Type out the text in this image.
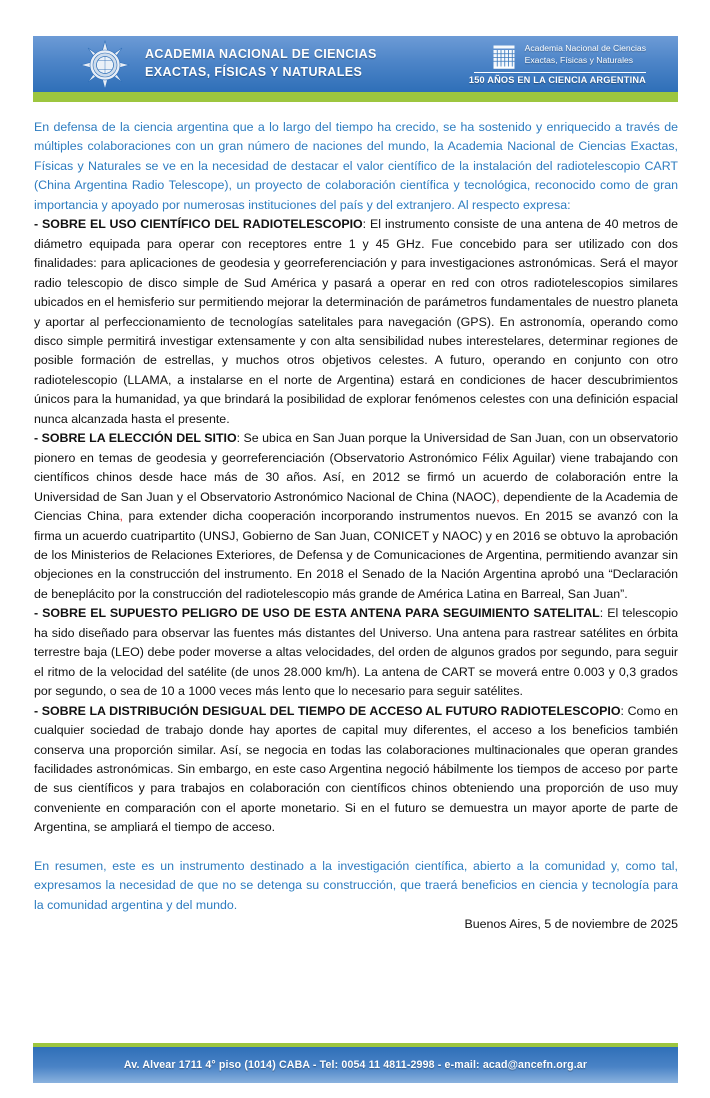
ACADEMIA NACIONAL DE CIENCIAS
EXACTAS, FÍSICAS Y NATURALES
Academia Nacional de Ciencias
Exactas, Físicas y Naturales
150 AÑOS EN LA CIENCIA ARGENTINA

En defensa de la ciencia argentina que a lo largo del tiempo ha crecido, se ha sostenido y enriquecido a través de múltiples colaboraciones con un gran número de naciones del mundo, la Academia Nacional de Ciencias Exactas, Físicas y Naturales se ve en la necesidad de destacar el valor científico de la instalación del radiotelescopio CART (China Argentina Radio Telescope), un proyecto de colaboración científica y tecnológica, reconocido como de gran importancia y apoyado por numerosas instituciones del país y del extranjero. Al respecto expresa:

- SOBRE EL USO CIENTÍFICO DEL RADIOTELESCOPIO: El instrumento consiste de una antena de 40 metros de diámetro equipada para operar con receptores entre 1 y 45 GHz. Fue concebido para ser utilizado con dos finalidades: para aplicaciones de geodesia y georreferenciación y para investigaciones astronómicas. Será el mayor radio telescopio de disco simple de Sud América y pasará a operar en red con otros radiotelescopios similares ubicados en el hemisferio sur permitiendo mejorar la determinación de parámetros fundamentales de nuestro planeta y aportar al perfeccionamiento de tecnologías satelitales para navegación (GPS). En astronomía, operando como disco simple permitirá investigar extensamente y con alta sensibilidad nubes interestelares, determinar regiones de posible formación de estrellas, y muchos otros objetivos celestes. A futuro, operando en conjunto con otro radiotelescopio (LLAMA, a instalarse en el norte de Argentina) estará en condiciones de hacer descubrimientos únicos para la humanidad, ya que brindará la posibilidad de explorar fenómenos celestes con una definición espacial nunca alcanzada hasta el presente.

- SOBRE LA ELECCIÓN DEL SITIO: Se ubica en San Juan porque la Universidad de San Juan, con un observatorio pionero en temas de geodesia y georreferenciación (Observatorio Astronómico Félix Aguilar) viene trabajando con científicos chinos desde hace más de 30 años. Así, en 2012 se firmó un acuerdo de colaboración entre la Universidad de San Juan y el Observatorio Astronómico Nacional de China (NAOC), dependiente de la Academia de Ciencias China, para extender dicha cooperación incorporando instrumentos nuevos. En 2015 se avanzó con la firma un acuerdo cuatripartito (UNSJ, Gobierno de San Juan, CONICET y NAOC) y en 2016 se obtuvo la aprobación de los Ministerios de Relaciones Exteriores, de Defensa y de Comunicaciones de Argentina, permitiendo avanzar sin objeciones en la construcción del instrumento. En 2018 el Senado de la Nación Argentina aprobó una “Declaración de beneplácito por la construcción del radiotelescopio más grande de América Latina en Barreal, San Juan”.

- SOBRE EL SUPUESTO PELIGRO DE USO DE ESTA ANTENA PARA SEGUIMIENTO SATELITAL: El telescopio ha sido diseñado para observar las fuentes más distantes del Universo. Una antena para rastrear satélites en órbita terrestre baja (LEO) debe poder moverse a altas velocidades, del orden de algunos grados por segundo, para seguir el ritmo de la velocidad del satélite (de unos 28.000 km/h). La antena de CART se moverá entre 0.003 y 0,3 grados por segundo, o sea de 10 a 1000 veces más lento que lo necesario para seguir satélites.

- SOBRE LA DISTRIBUCIÓN DESIGUAL DEL TIEMPO DE ACCESO AL FUTURO RADIOTELESCOPIO: Como en cualquier sociedad de trabajo donde hay aportes de capital muy diferentes, el acceso a los beneficios también conserva una proporción similar. Así, se negocia en todas las colaboraciones multinacionales que operan grandes facilidades astronómicas. Sin embargo, en este caso Argentina negoció hábilmente los tiempos de acceso por parte de sus científicos y para trabajos en colaboración con científicos chinos obteniendo una proporción de uso muy conveniente en comparación con el aporte monetario. Si en el futuro se demuestra un mayor aporte de parte de Argentina, se ampliará el tiempo de acceso.

En resumen, este es un instrumento destinado a la investigación científica, abierto a la comunidad y, como tal, expresamos la necesidad de que no se detenga su construcción, que traerá beneficios en ciencia y tecnología para la comunidad argentina y del mundo.

Buenos Aires, 5 de noviembre de 2025

Av. Alvear 1711 4° piso (1014) CABA - Tel: 0054 11 4811-2998 - e-mail: acad@ancefn.org.ar
